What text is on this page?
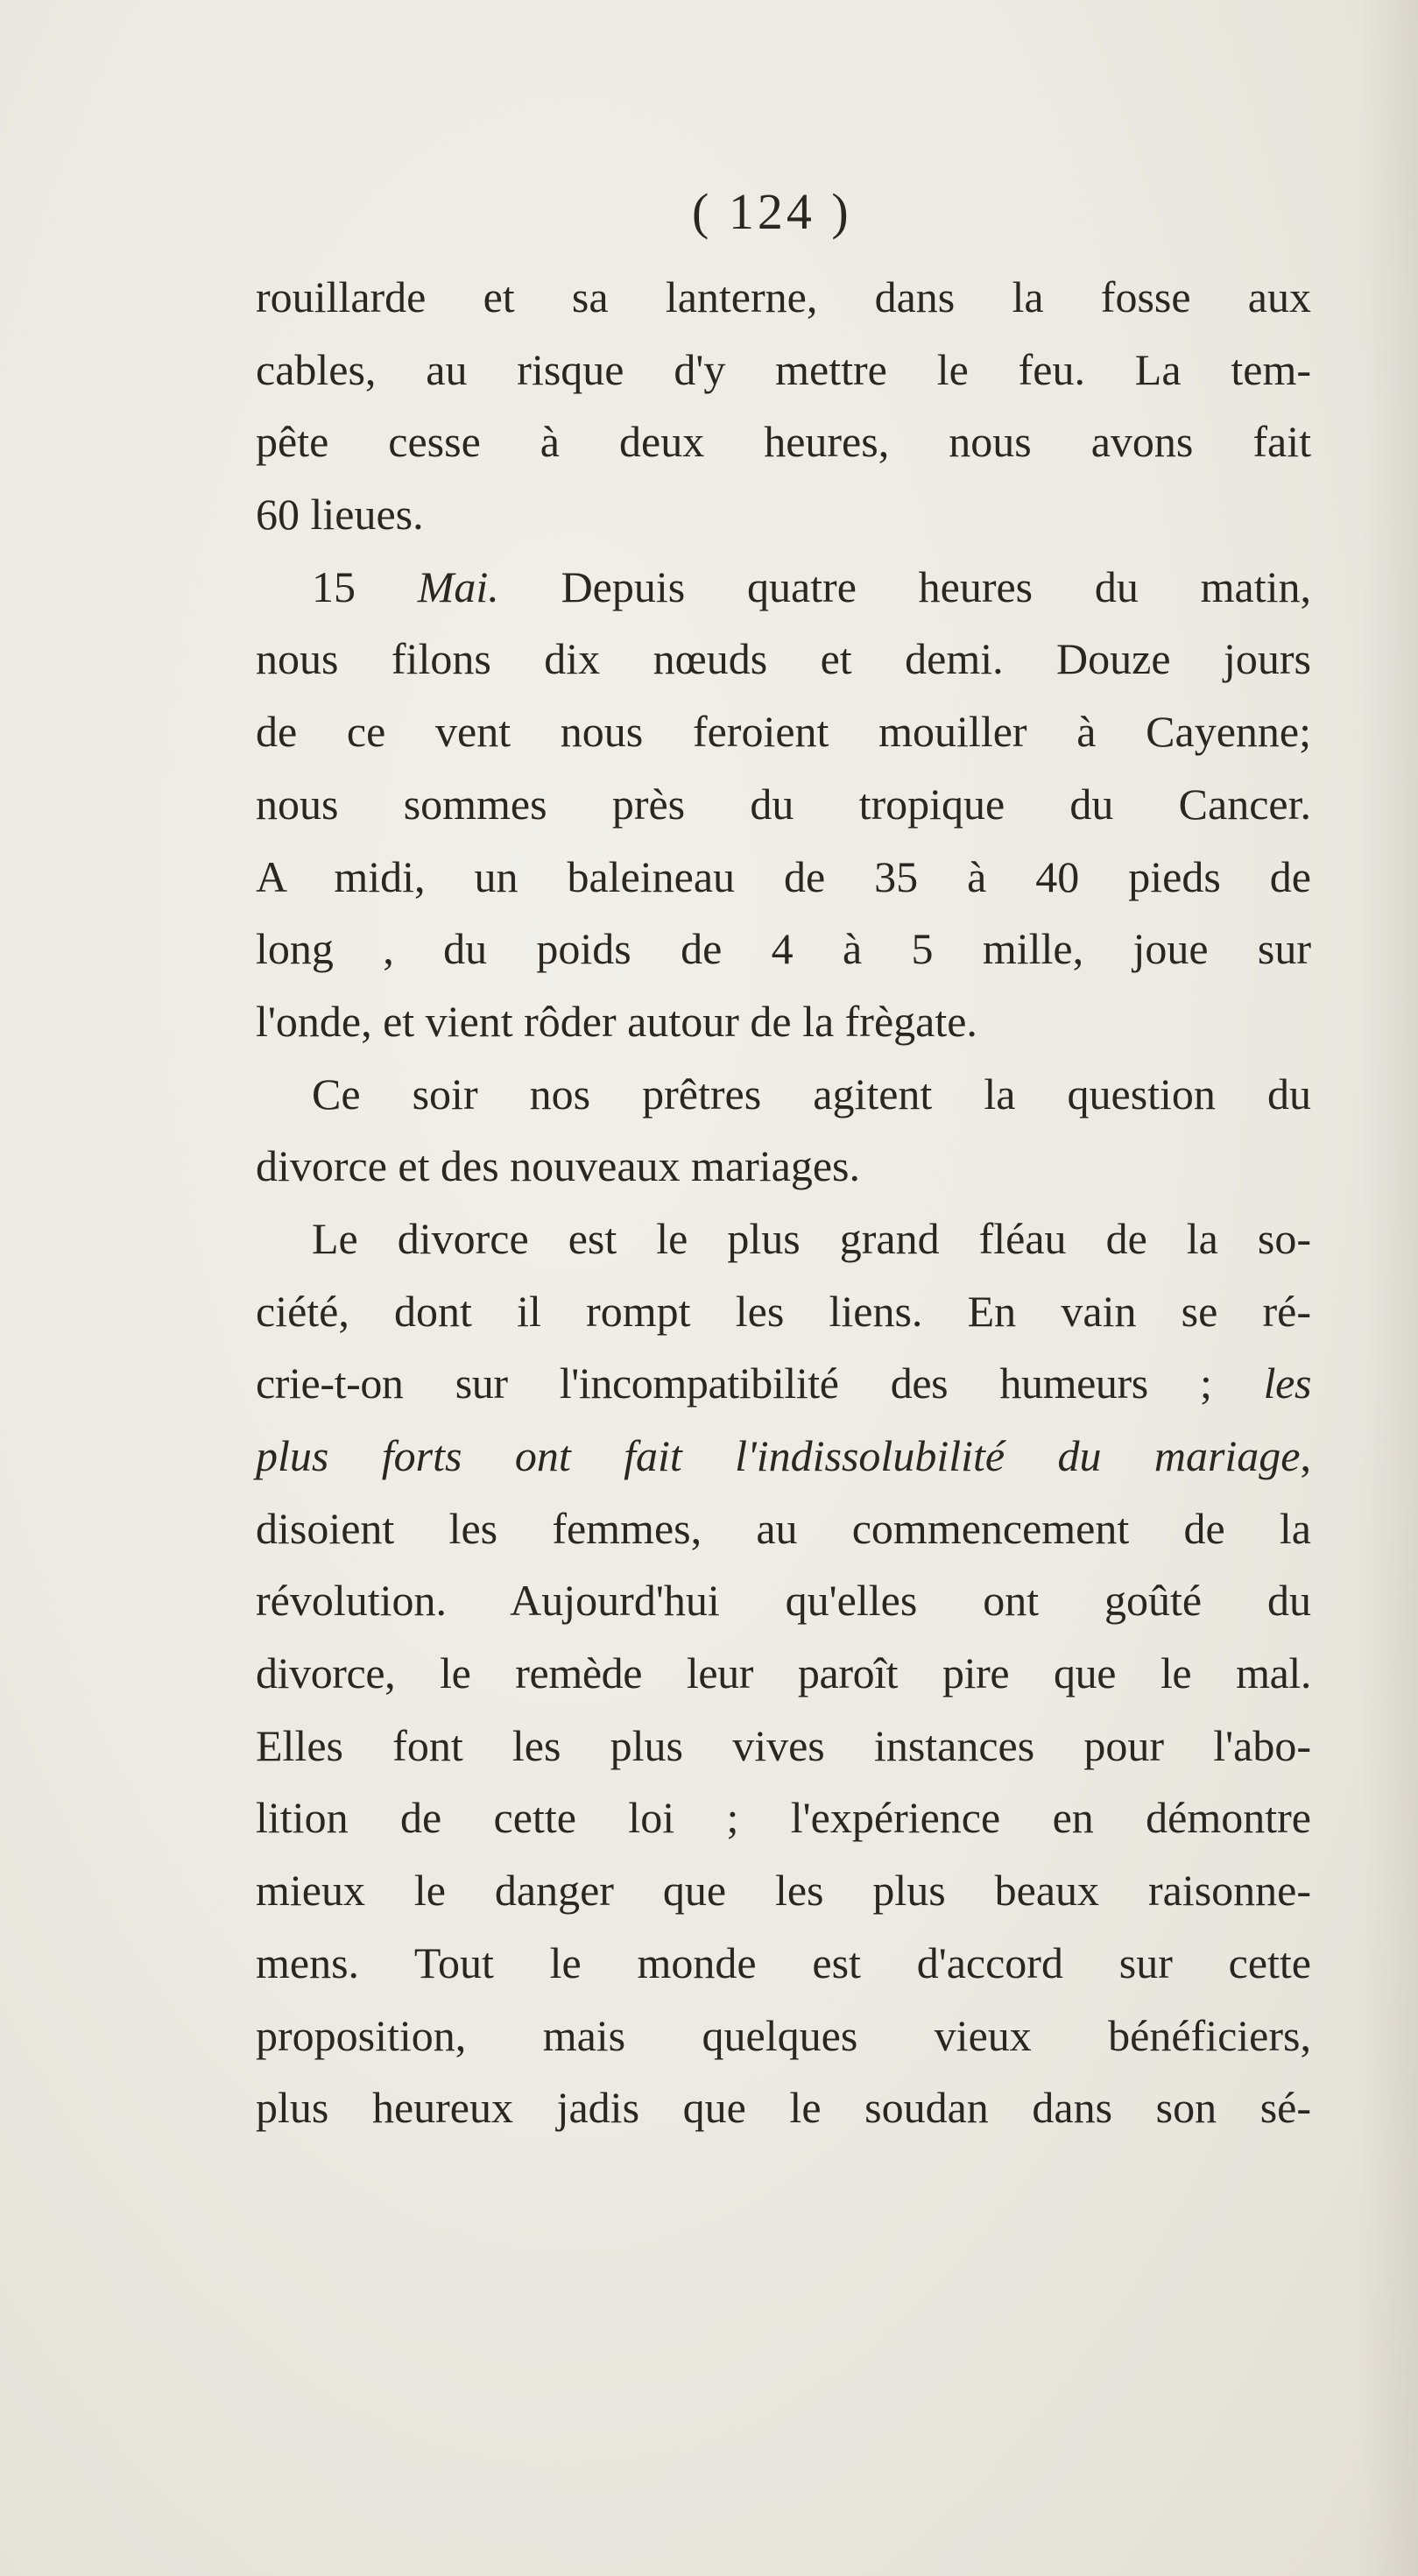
( 124 )
rouillarde et sa lanterne, dans la fosse aux
cables, au risque d'y mettre le feu. La tem-
pête cesse à deux heures, nous avons fait
60 lieues.
15 Mai. Depuis quatre heures du matin,
nous filons dix nœuds et demi. Douze jours
de ce vent nous feroient mouiller à Cayenne;
nous sommes près du tropique du Cancer.
A midi, un baleineau de 35 à 40 pieds de
long , du poids de 4 à 5 mille, joue sur
l'onde, et vient rôder autour de la frègate.
Ce soir nos prêtres agitent la question du
divorce et des nouveaux mariages.
Le divorce est le plus grand fléau de la so-
ciété, dont il rompt les liens. En vain se ré-
crie-t-on sur l'incompatibilité des humeurs ; les
plus forts ont fait l'indissolubilité du mariage,
disoient les femmes, au commencement de la
révolution. Aujourd'hui qu'elles ont goûté du
divorce, le remède leur paroît pire que le mal.
Elles font les plus vives instances pour l'abo-
lition de cette loi ; l'expérience en démontre
mieux le danger que les plus beaux raisonne-
mens. Tout le monde est d'accord sur cette
proposition, mais quelques vieux bénéficiers,
plus heureux jadis que le soudan dans son sé-
